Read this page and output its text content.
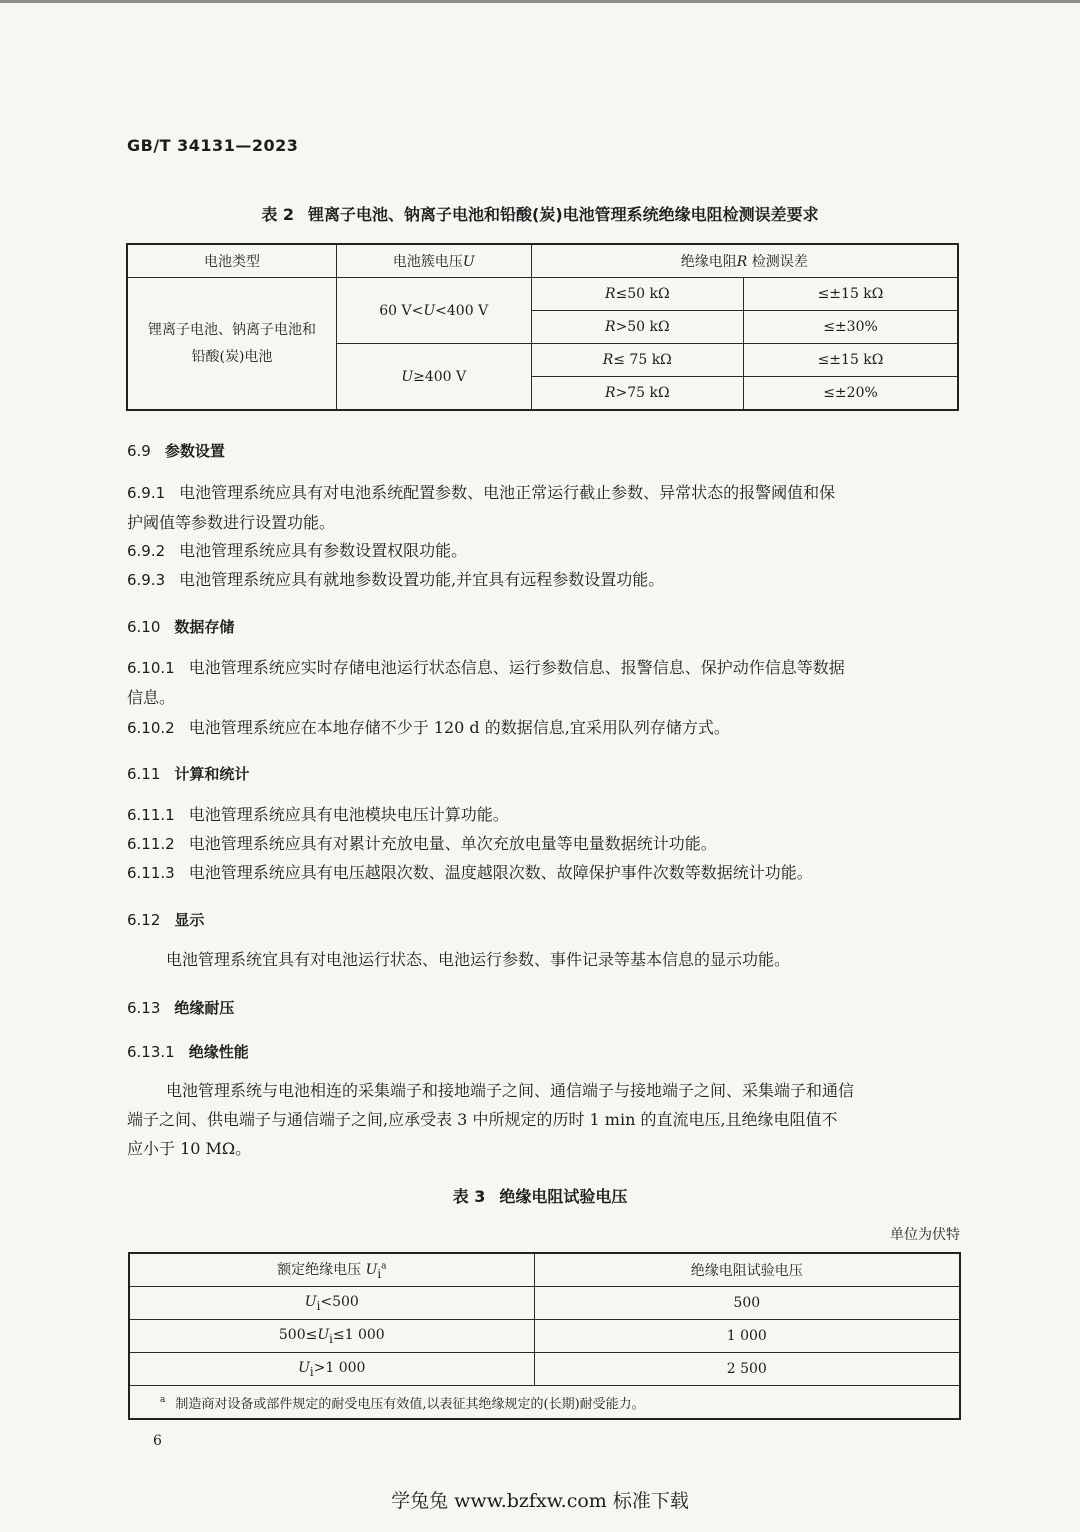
GB/T 34131—2023
表 2 锂离子电池、钠离子电池和铅酸(炭)电池管理系统绝缘电阻检测误差要求
电池类型	电池簇电压U	绝缘电阻R 检测误差	
锂离子电池、钠离子电池和
铅酸(炭)电池	60 V<U<400 V	R≤50 kΩ	≤±15 kΩ
		R>50 kΩ	≤±30%
	U≥400 V	R≤ 75 kΩ	≤±15 kΩ
		R>75 kΩ	≤±20%
6.9 参数设置
6.9.1 电池管理系统应具有对电池系统配置参数、电池正常运行截止参数、异常状态的报警阈值和保
护阈值等参数进行设置功能。
6.9.2 电池管理系统应具有参数设置权限功能。
6.9.3 电池管理系统应具有就地参数设置功能,并宜具有远程参数设置功能。
6.10 数据存储
6.10.1 电池管理系统应实时存储电池运行状态信息、运行参数信息、报警信息、保护动作信息等数据
信息。
6.10.2 电池管理系统应在本地存储不少于 120 d 的数据信息,宜采用队列存储方式。
6.11 计算和统计
6.11.1 电池管理系统应具有电池模块电压计算功能。
6.11.2 电池管理系统应具有对累计充放电量、单次充放电量等电量数据统计功能。
6.11.3 电池管理系统应具有电压越限次数、温度越限次数、故障保护事件次数等数据统计功能。
6.12 显示
电池管理系统宜具有对电池运行状态、电池运行参数、事件记录等基本信息的显示功能。
6.13 绝缘耐压
6.13.1 绝缘性能
电池管理系统与电池相连的采集端子和接地端子之间、通信端子与接地端子之间、采集端子和通信
端子之间、供电端子与通信端子之间,应承受表 3 中所规定的历时 1 min 的直流电压,且绝缘电阻值不
应小于 10 MΩ。
表 3 绝缘电阻试验电压
单位为伏特
额定绝缘电压 $U_i^a$	绝缘电阻试验电压
$U_i<500$	500
$500\le U_i\le 1$ 000	1 000
$U_i>1$ 000	2 500
$^a$ 制造商对设备或部件规定的耐受电压有效值,以表征其绝缘规定的(长期)耐受能力。	
6
学兔兔 www.bzfxw.com 标准下载
